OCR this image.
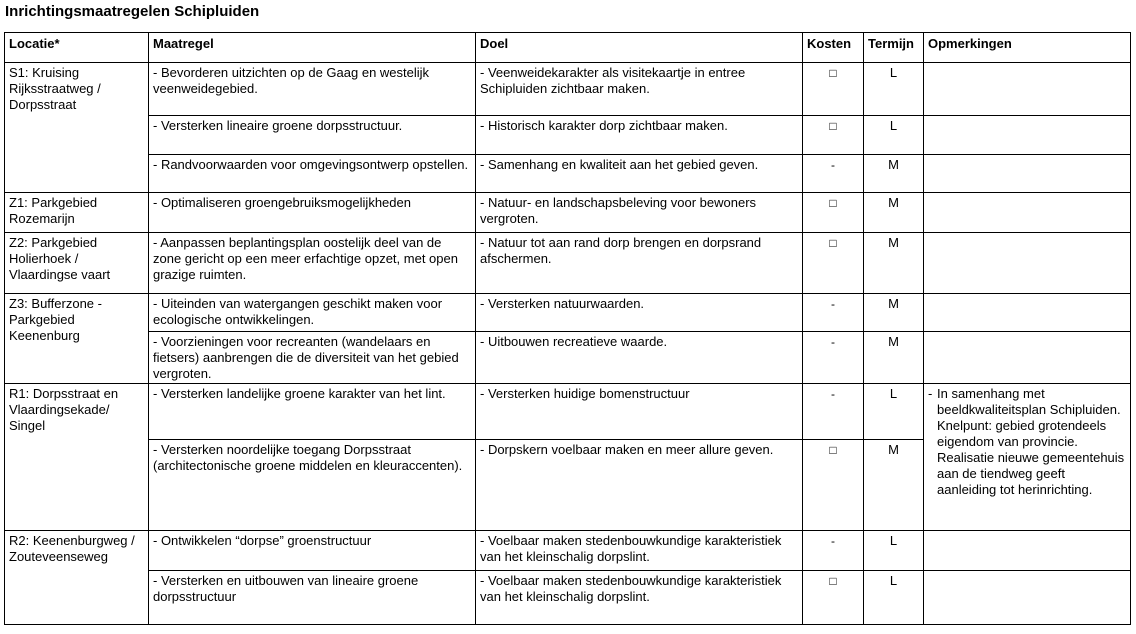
Inrichtingsmaatregelen Schipluiden
Locatie*	Maatregel	Doel	Kosten	Termijn	Opmerkingen
S1: Kruising Rijksstraatweg / Dorpsstraat	- Bevorderen uitzichten op de Gaag en westelijk veenweidegebied.	- Veenweidekarakter als visitekaartje in entree Schipluiden zichtbaar maken.	□	L	
	- Versterken lineaire groene dorpsstructuur.	- Historisch karakter dorp zichtbaar maken.	□	L	
	- Randvoorwaarden voor omgevingsontwerp opstellen.	- Samenhang en kwaliteit aan het gebied geven.	-	M	
Z1: Parkgebied Rozemarijn	- Optimaliseren groengebruiksmogelijkheden	- Natuur- en landschapsbeleving voor bewoners vergroten.	□	M	
Z2: Parkgebied Holierhoek / Vlaardingse vaart	- Aanpassen beplantingsplan oostelijk deel van de zone gericht op een meer erfachtige opzet, met open grazige ruimten.	- Natuur tot aan rand dorp brengen en dorpsrand afschermen.	□	M	
Z3: Bufferzone - Parkgebied Keenenburg	- Uiteinden van watergangen geschikt maken voor ecologische ontwikkelingen.	- Versterken natuurwaarden.	-	M	
	- Voorzieningen voor recreanten (wandelaars en fietsers) aanbrengen die de diversiteit van het gebied vergroten.	- Uitbouwen recreatieve waarde.	-	M	
R1: Dorpsstraat en Vlaardingsekade/ Singel	- Versterken landelijke groene karakter van het lint.	- Versterken huidige bomenstructuur	-	L	- In samenhang met beeldkwaliteitsplan Schipluiden. Knelpunt: gebied grotendeels eigendom van provincie. Realisatie nieuwe gemeentehuis aan de tiendweg geeft aanleiding tot herinrichting.

	- Versterken noordelijke toegang Dorpsstraat (architectonische groene middelen en kleuraccenten).	- Dorpskern voelbaar maken en meer allure geven.	□	M	
R2: Keenenburgweg / Zouteveenseweg	- Ontwikkelen “dorpse” groenstructuur	- Voelbaar maken stedenbouwkundige karakteristiek van het kleinschalig dorpslint.	-	L	
	- Versterken en uitbouwen van lineaire groene dorpsstructuur	- Voelbaar maken stedenbouwkundige karakteristiek van het kleinschalig dorpslint.	□	L	
